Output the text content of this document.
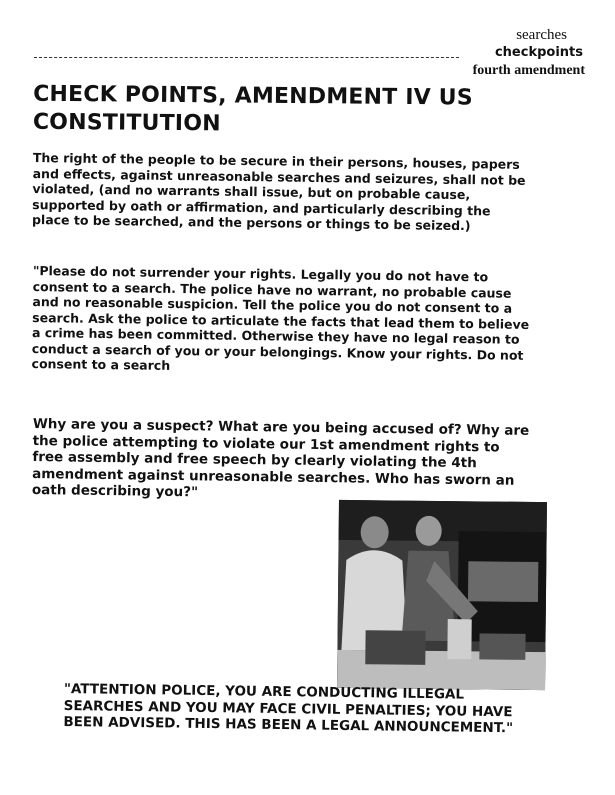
searches
checkpoints
fourth amendment
CHECK POINTS, AMENDMENT IV US CONSTITUTION

The right of the people to be secure in their persons, houses, papers and effects, against unreasonable searches and seizures, shall not be violated, (and no warrants shall issue, but on probable cause, supported by oath or affirmation, and particularly describing the place to be searched, and the persons or things to be seized.)

"Please do not surrender your rights. Legally you do not have to consent to a search. The police have no warrant, no probable cause and no reasonable suspicion. Tell the police you do not consent to a search. Ask the police to articulate the facts that lead them to believe a crime has been committed. Otherwise they have no legal reason to conduct a search of you or your belongings. Know your rights. Do not consent to a search

Why are you a suspect? What are you being accused of? Why are the police attempting to violate our 1st amendment rights to free assembly and free speech by clearly violating the 4th amendment against unreasonable searches. Who has sworn an oath describing you?"

"ATTENTION POLICE, YOU ARE CONDUCTING ILLEGAL SEARCHES AND YOU MAY FACE CIVIL PENALTIES; YOU HAVE BEEN ADVISED. THIS HAS BEEN A LEGAL ANNOUNCEMENT."
